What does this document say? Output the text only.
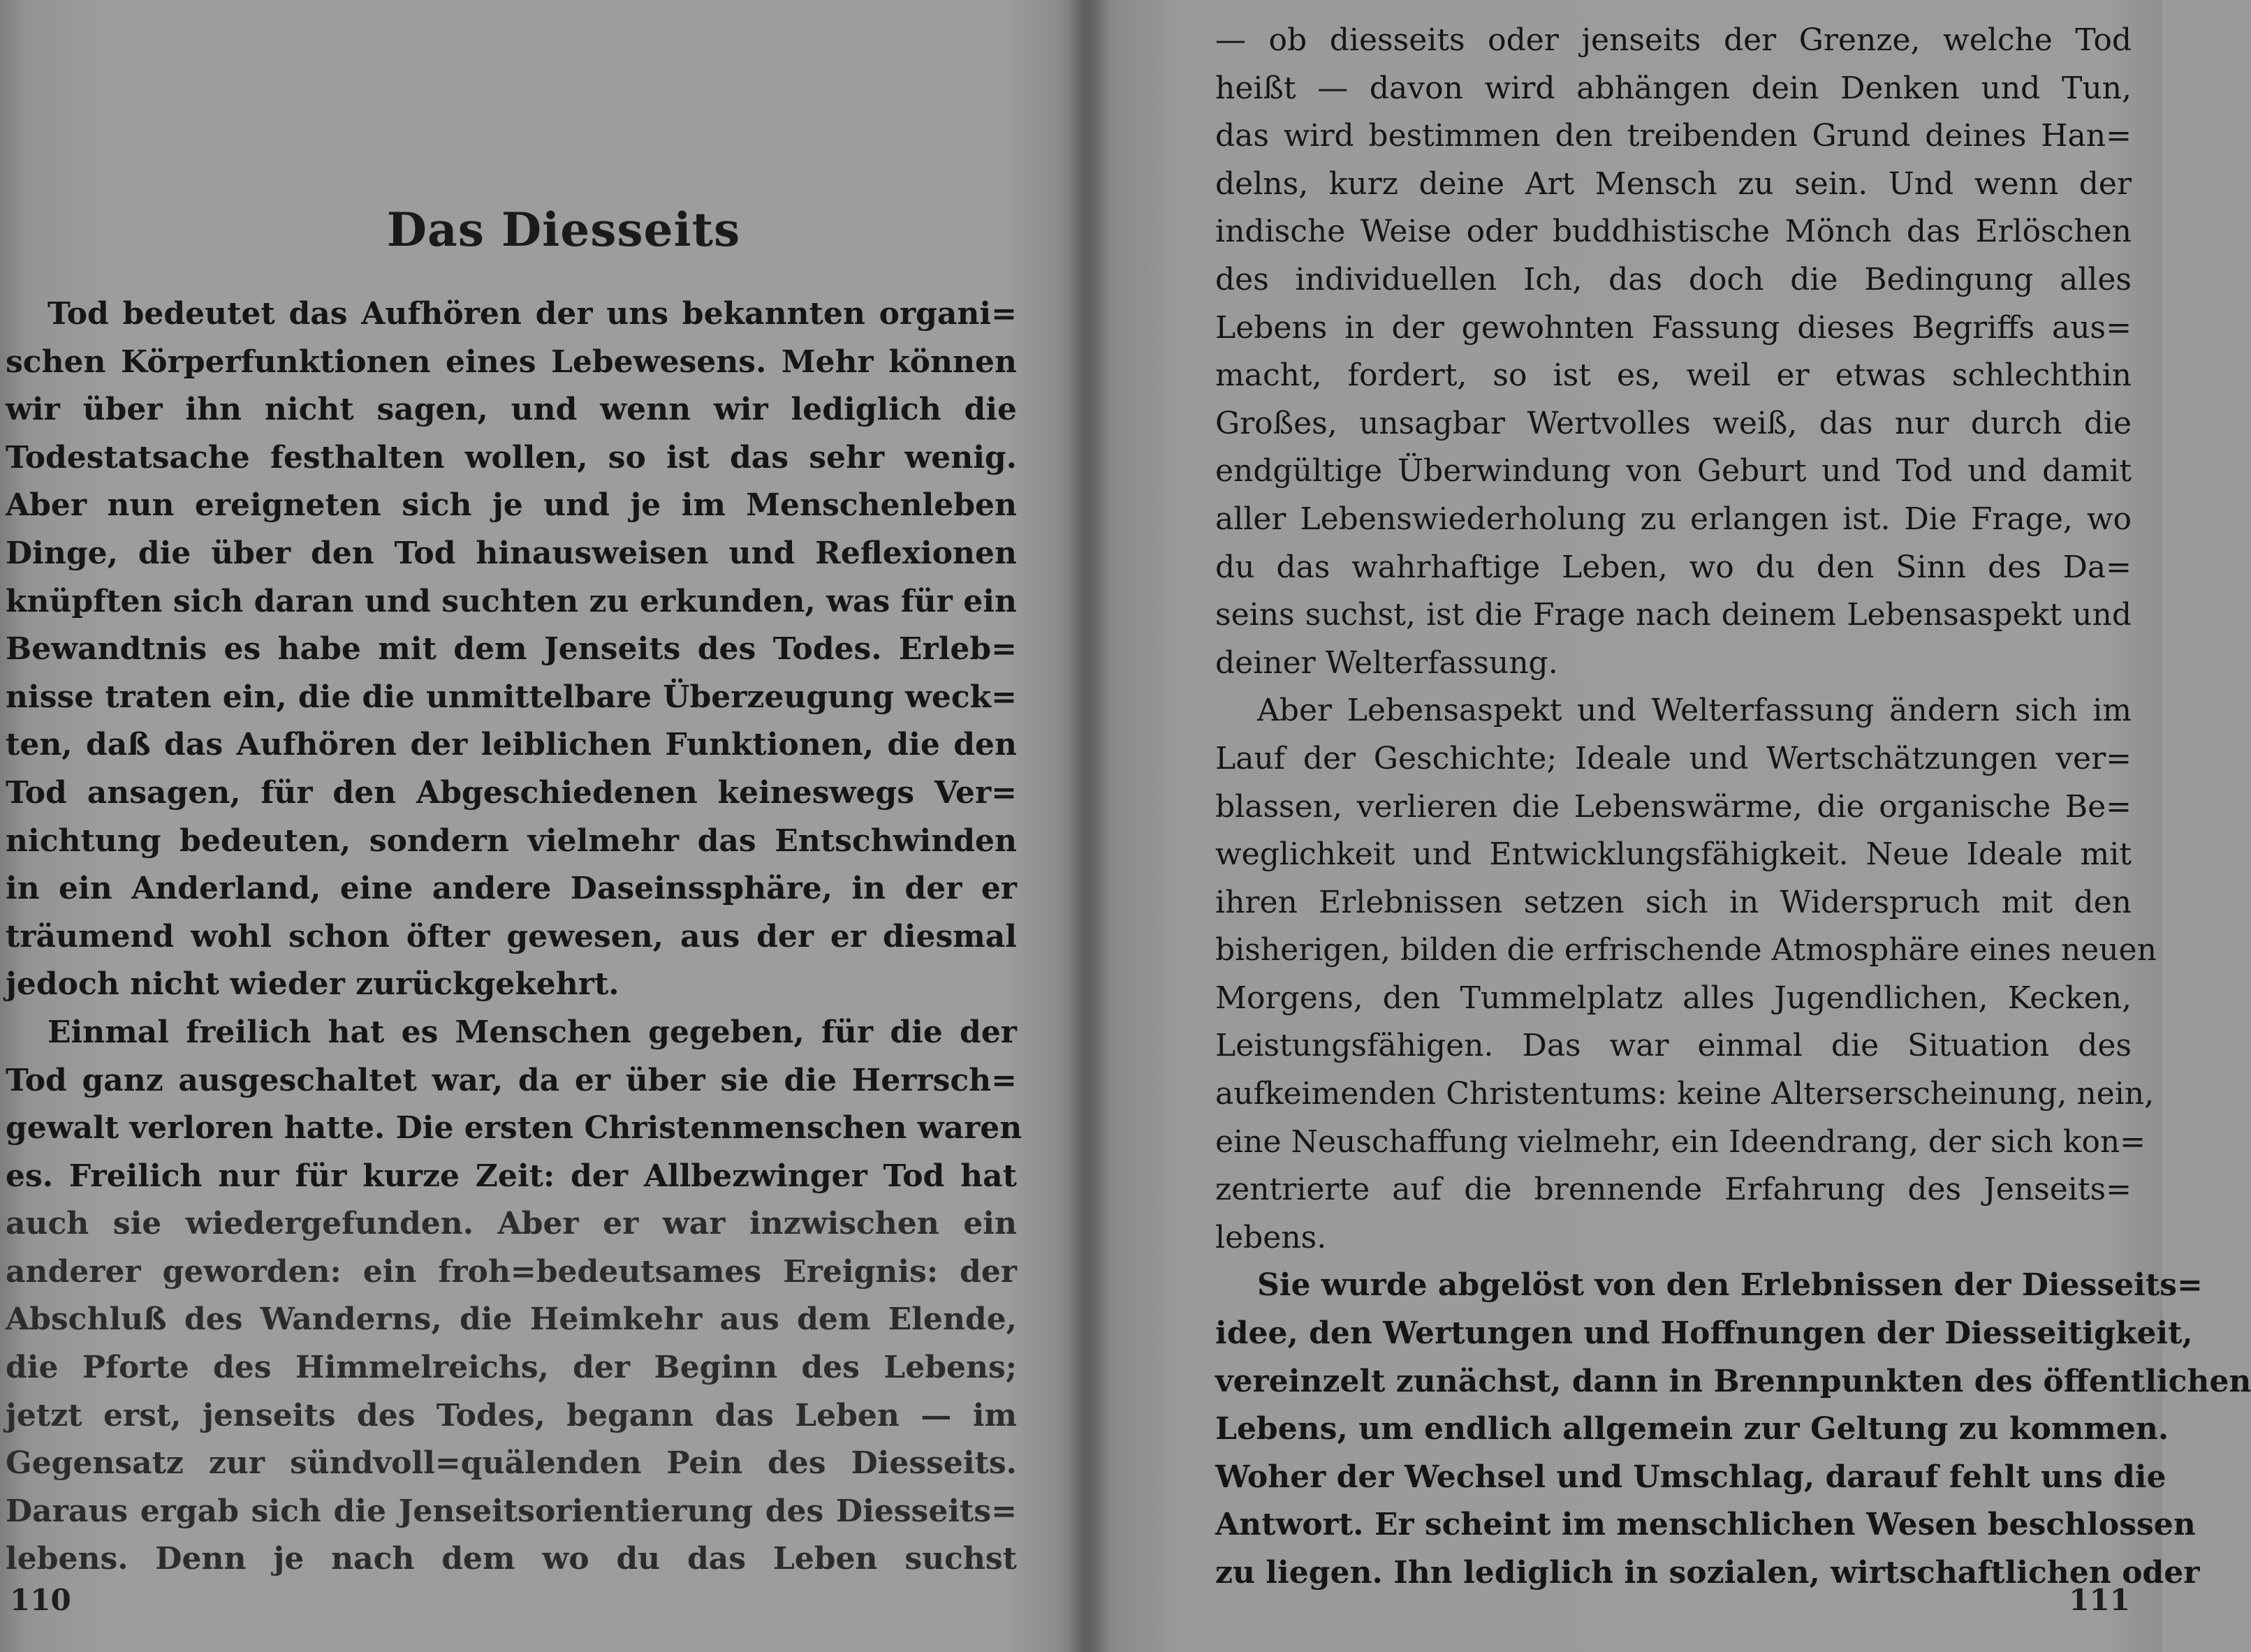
Das Diesseits
Tod bedeutet das Aufhören der uns bekannten organi=
schen Körperfunktionen eines Lebewesens. Mehr können
wir über ihn nicht sagen, und wenn wir lediglich die
Todestatsache festhalten wollen, so ist das sehr wenig.
Aber nun ereigneten sich je und je im Menschenleben
Dinge, die über den Tod hinausweisen und Reflexionen
knüpften sich daran und suchten zu erkunden, was für ein
Bewandtnis es habe mit dem Jenseits des Todes. Erleb=
nisse traten ein, die die unmittelbare Überzeugung weck=
ten, daß das Aufhören der leiblichen Funktionen, die den
Tod ansagen, für den Abgeschiedenen keineswegs Ver=
nichtung bedeuten, sondern vielmehr das Entschwinden
in ein Anderland, eine andere Daseinssphäre, in der er
träumend wohl schon öfter gewesen, aus der er diesmal
jedoch nicht wieder zurückgekehrt.
Einmal freilich hat es Menschen gegeben, für die der
Tod ganz ausgeschaltet war, da er über sie die Herrsch=
gewalt verloren hatte. Die ersten Christenmenschen waren
es. Freilich nur für kurze Zeit: der Allbezwinger Tod hat
auch sie wiedergefunden. Aber er war inzwischen ein
anderer geworden: ein froh=bedeutsames Ereignis: der
Abschluß des Wanderns, die Heimkehr aus dem Elende,
die Pforte des Himmelreichs, der Beginn des Lebens;
jetzt erst, jenseits des Todes, begann das Leben — im
Gegensatz zur sündvoll=quälenden Pein des Diesseits.
Daraus ergab sich die Jenseitsorientierung des Diesseits=
lebens. Denn je nach dem wo du das Leben suchst
110
— ob diesseits oder jenseits der Grenze, welche Tod
heißt — davon wird abhängen dein Denken und Tun,
das wird bestimmen den treibenden Grund deines Han=
delns, kurz deine Art Mensch zu sein. Und wenn der
indische Weise oder buddhistische Mönch das Erlöschen
des individuellen Ich, das doch die Bedingung alles
Lebens in der gewohnten Fassung dieses Begriffs aus=
macht, fordert, so ist es, weil er etwas schlechthin
Großes, unsagbar Wertvolles weiß, das nur durch die
endgültige Überwindung von Geburt und Tod und damit
aller Lebenswiederholung zu erlangen ist. Die Frage, wo
du das wahrhaftige Leben, wo du den Sinn des Da=
seins suchst, ist die Frage nach deinem Lebensaspekt und
deiner Welterfassung.
Aber Lebensaspekt und Welterfassung ändern sich im
Lauf der Geschichte; Ideale und Wertschätzungen ver=
blassen, verlieren die Lebenswärme, die organische Be=
weglichkeit und Entwicklungsfähigkeit. Neue Ideale mit
ihren Erlebnissen setzen sich in Widerspruch mit den
bisherigen, bilden die erfrischende Atmosphäre eines neuen
Morgens, den Tummelplatz alles Jugendlichen, Kecken,
Leistungsfähigen. Das war einmal die Situation des
aufkeimenden Christentums: keine Alterserscheinung, nein,
eine Neuschaffung vielmehr, ein Ideendrang, der sich kon=
zentrierte auf die brennende Erfahrung des Jenseits=
lebens.
Sie wurde abgelöst von den Erlebnissen der Diesseits=
idee, den Wertungen und Hoffnungen der Diesseitigkeit,
vereinzelt zunächst, dann in Brennpunkten des öffentlichen
Lebens, um endlich allgemein zur Geltung zu kommen.
Woher der Wechsel und Umschlag, darauf fehlt uns die
Antwort. Er scheint im menschlichen Wesen beschlossen
zu liegen. Ihn lediglich in sozialen, wirtschaftlichen oder
111
